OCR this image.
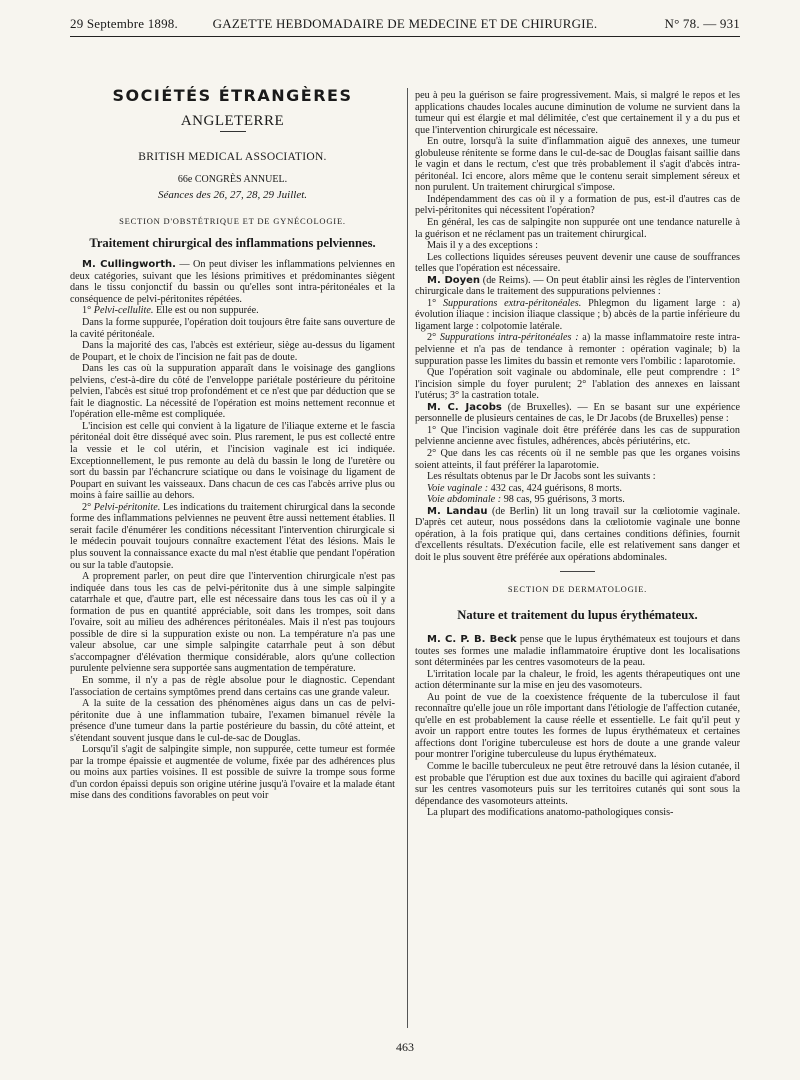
29 Septembre 1898.	GAZETTE HEBDOMADAIRE DE MEDECINE ET DE CHIRURGIE.	N° 78. — 931
SOCIÉTÉS ÉTRANGÈRES
ANGLETERRE
BRITISH MEDICAL ASSOCIATION.
66e CONGRÈS ANNUEL.
Séances des 26, 27, 28, 29 Juillet.
SECTION D'OBSTÉTRIQUE ET DE GYNÉCOLOGIE.
Traitement chirurgical des inflammations pelviennes.

M. Cullingworth. — On peut diviser les inflammations pelviennes en deux catégories, suivant que les lésions primitives et prédominantes siègent dans le tissu conjonctif du bassin ou qu'elles sont intra-péritonéales et la conséquence de pelvi-péritonites répétées.

1° Pelvi-cellulite. Elle est ou non suppurée.

Dans la forme suppurée, l'opération doit toujours être faite sans ouverture de la cavité péritonéale.

Dans la majorité des cas, l'abcès est extérieur, siège au-dessus du ligament de Poupart, et le choix de l'incision ne fait pas de doute.

Dans les cas où la suppuration apparaît dans le voisinage des ganglions pelviens, c'est-à-dire du côté de l'enveloppe pariétale postérieure du péritoine pelvien, l'abcès est situé trop profondément et ce n'est que par déduction que se fait le diagnostic. La nécessité de l'opération est moins nettement reconnue et l'opération elle-même est compliquée.

L'incision est celle qui convient à la ligature de l'iliaque externe et le fascia péritonéal doit être disséqué avec soin. Plus rarement, le pus est collecté entre la vessie et le col utérin, et l'incision vaginale est ici indiquée. Exceptionnellement, le pus remonte au delà du bassin le long de l'uretère ou sort du bassin par l'échancrure sciatique ou dans le voisinage du ligament de Poupart en suivant les vaisseaux. Dans chacun de ces cas l'abcès arrive plus ou moins à faire saillie au dehors.

2° Pelvi-péritonite. Les indications du traitement chirurgical dans la seconde forme des inflammations pelviennes ne peuvent être aussi nettement établies. Il serait facile d'énumérer les conditions nécessitant l'intervention chirurgicale si le médecin pouvait toujours connaître exactement l'état des lésions. Mais le plus souvent la connaissance exacte du mal n'est établie que pendant l'opération ou sur la table d'autopsie.

A proprement parler, on peut dire que l'intervention chirurgicale n'est pas indiquée dans tous les cas de pelvi-péritonite dus à une simple salpingite catarrhale et que, d'autre part, elle est nécessaire dans tous les cas où il y a formation de pus en quantité appréciable, soit dans les trompes, soit dans l'ovaire, soit au milieu des adhérences péritonéales. Mais il n'est pas toujours possible de dire si la suppuration existe ou non. La température n'a pas une valeur absolue, car une simple salpingite catarrhale peut à son début s'accompagner d'élévation thermique considérable, alors qu'une collection purulente pelvienne sera supportée sans augmentation de température.

En somme, il n'y a pas de règle absolue pour le diagnostic. Cependant l'association de certains symptômes prend dans certains cas une grande valeur.

A la suite de la cessation des phénomènes aigus dans un cas de pelvi-péritonite due à une inflammation tubaire, l'examen bimanuel révèle la présence d'une tumeur dans la partie postérieure du bassin, du côté atteint, et s'étendant souvent jusque dans le cul-de-sac de Douglas.

Lorsqu'il s'agit de salpingite simple, non suppurée, cette tumeur est formée par la trompe épaissie et augmentée de volume, fixée par des adhérences plus ou moins aux parties voisines. Il est possible de suivre la trompe sous forme d'un cordon épaissi depuis son origine utérine jusqu'à l'ovaire et la malade étant mise dans des conditions favorables on peut voir

peu à peu la guérison se faire progressivement. Mais, si malgré le repos et les applications chaudes locales aucune diminution de volume ne survient dans la tumeur qui est élargie et mal délimitée, c'est que certainement il y a du pus et que l'intervention chirurgicale est nécessaire.

En outre, lorsqu'à la suite d'inflammation aiguë des annexes, une tumeur globuleuse rénitente se forme dans le cul-de-sac de Douglas faisant saillie dans le vagin et dans le rectum, c'est que très probablement il s'agit d'abcès intra-péritonéal. Ici encore, alors même que le contenu serait simplement séreux et non purulent. Un traitement chirurgical s'impose.

Indépendamment des cas où il y a formation de pus, est-il d'autres cas de pelvi-péritonites qui nécessitent l'opération?

En général, les cas de salpingite non suppurée ont une tendance naturelle à la guérison et ne réclament pas un traitement chirurgical.

Mais il y a des exceptions :

Les collections liquides séreuses peuvent devenir une cause de souffrances telles que l'opération est nécessaire.

M. Doyen (de Reims). — On peut établir ainsi les règles de l'intervention chirurgicale dans le traitement des suppurations pelviennes :

1° Suppurations extra-péritonéales. Phlegmon du ligament large : a) évolution iliaque : incision iliaque classique ; b) abcès de la partie inférieure du ligament large : colpotomie latérale.

2° Suppurations intra-péritonéales : a) la masse inflammatoire reste intra-pelvienne et n'a pas de tendance à remonter : opération vaginale; b) la suppuration passe les limites du bassin et remonte vers l'ombilic : laparotomie.

Que l'opération soit vaginale ou abdominale, elle peut comprendre : 1° l'incision simple du foyer purulent; 2° l'ablation des annexes en laissant l'utérus; 3° la castration totale.

M. C. Jacobs (de Bruxelles). — En se basant sur une expérience personnelle de plusieurs centaines de cas, le Dr Jacobs (de Bruxelles) pense :

1° Que l'incision vaginale doit être préférée dans les cas de suppuration pelvienne ancienne avec fistules, adhérences, abcès périutérins, etc.

2° Que dans les cas récents où il ne semble pas que les organes voisins soient atteints, il faut préférer la laparotomie.

Les résultats obtenus par le Dr Jacobs sont les suivants :

Voie vaginale : 432 cas, 424 guérisons, 8 morts.

Voie abdominale : 98 cas, 95 guérisons, 3 morts.

M. Landau (de Berlin) lit un long travail sur la cœliotomie vaginale. D'après cet auteur, nous possédons dans la cœliotomie vaginale une bonne opération, à la fois pratique qui, dans certaines conditions définies, fournit d'excellents résultats. D'exécution facile, elle est relativement sans danger et doit le plus souvent être préférée aux opérations abdominales.

SECTION DE DERMATOLOGIE.
Nature et traitement du lupus érythémateux.

M. C. P. B. Beck pense que le lupus érythémateux est toujours et dans toutes ses formes une maladie inflammatoire éruptive dont les localisations sont déterminées par les centres vasomoteurs de la peau.

L'irritation locale par la chaleur, le froid, les agents thérapeutiques ont une action déterminante sur la mise en jeu des vasomoteurs.

Au point de vue de la coexistence fréquente de la tuberculose il faut reconnaître qu'elle joue un rôle important dans l'étiologie de l'affection cutanée, qu'elle en est probablement la cause réelle et essentielle. Le fait qu'il peut y avoir un rapport entre toutes les formes de lupus érythémateux et certaines affections dont l'origine tuberculeuse est hors de doute a une grande valeur pour montrer l'origine tuberculeuse du lupus érythémateux.

Comme le bacille tuberculeux ne peut être retrouvé dans la lésion cutanée, il est probable que l'éruption est due aux toxines du bacille qui agiraient d'abord sur les centres vasomoteurs puis sur les territoires cutanés qui sont sous la dépendance des vasomoteurs atteints.

La plupart des modifications anatomo-pathologiques consis-

463
